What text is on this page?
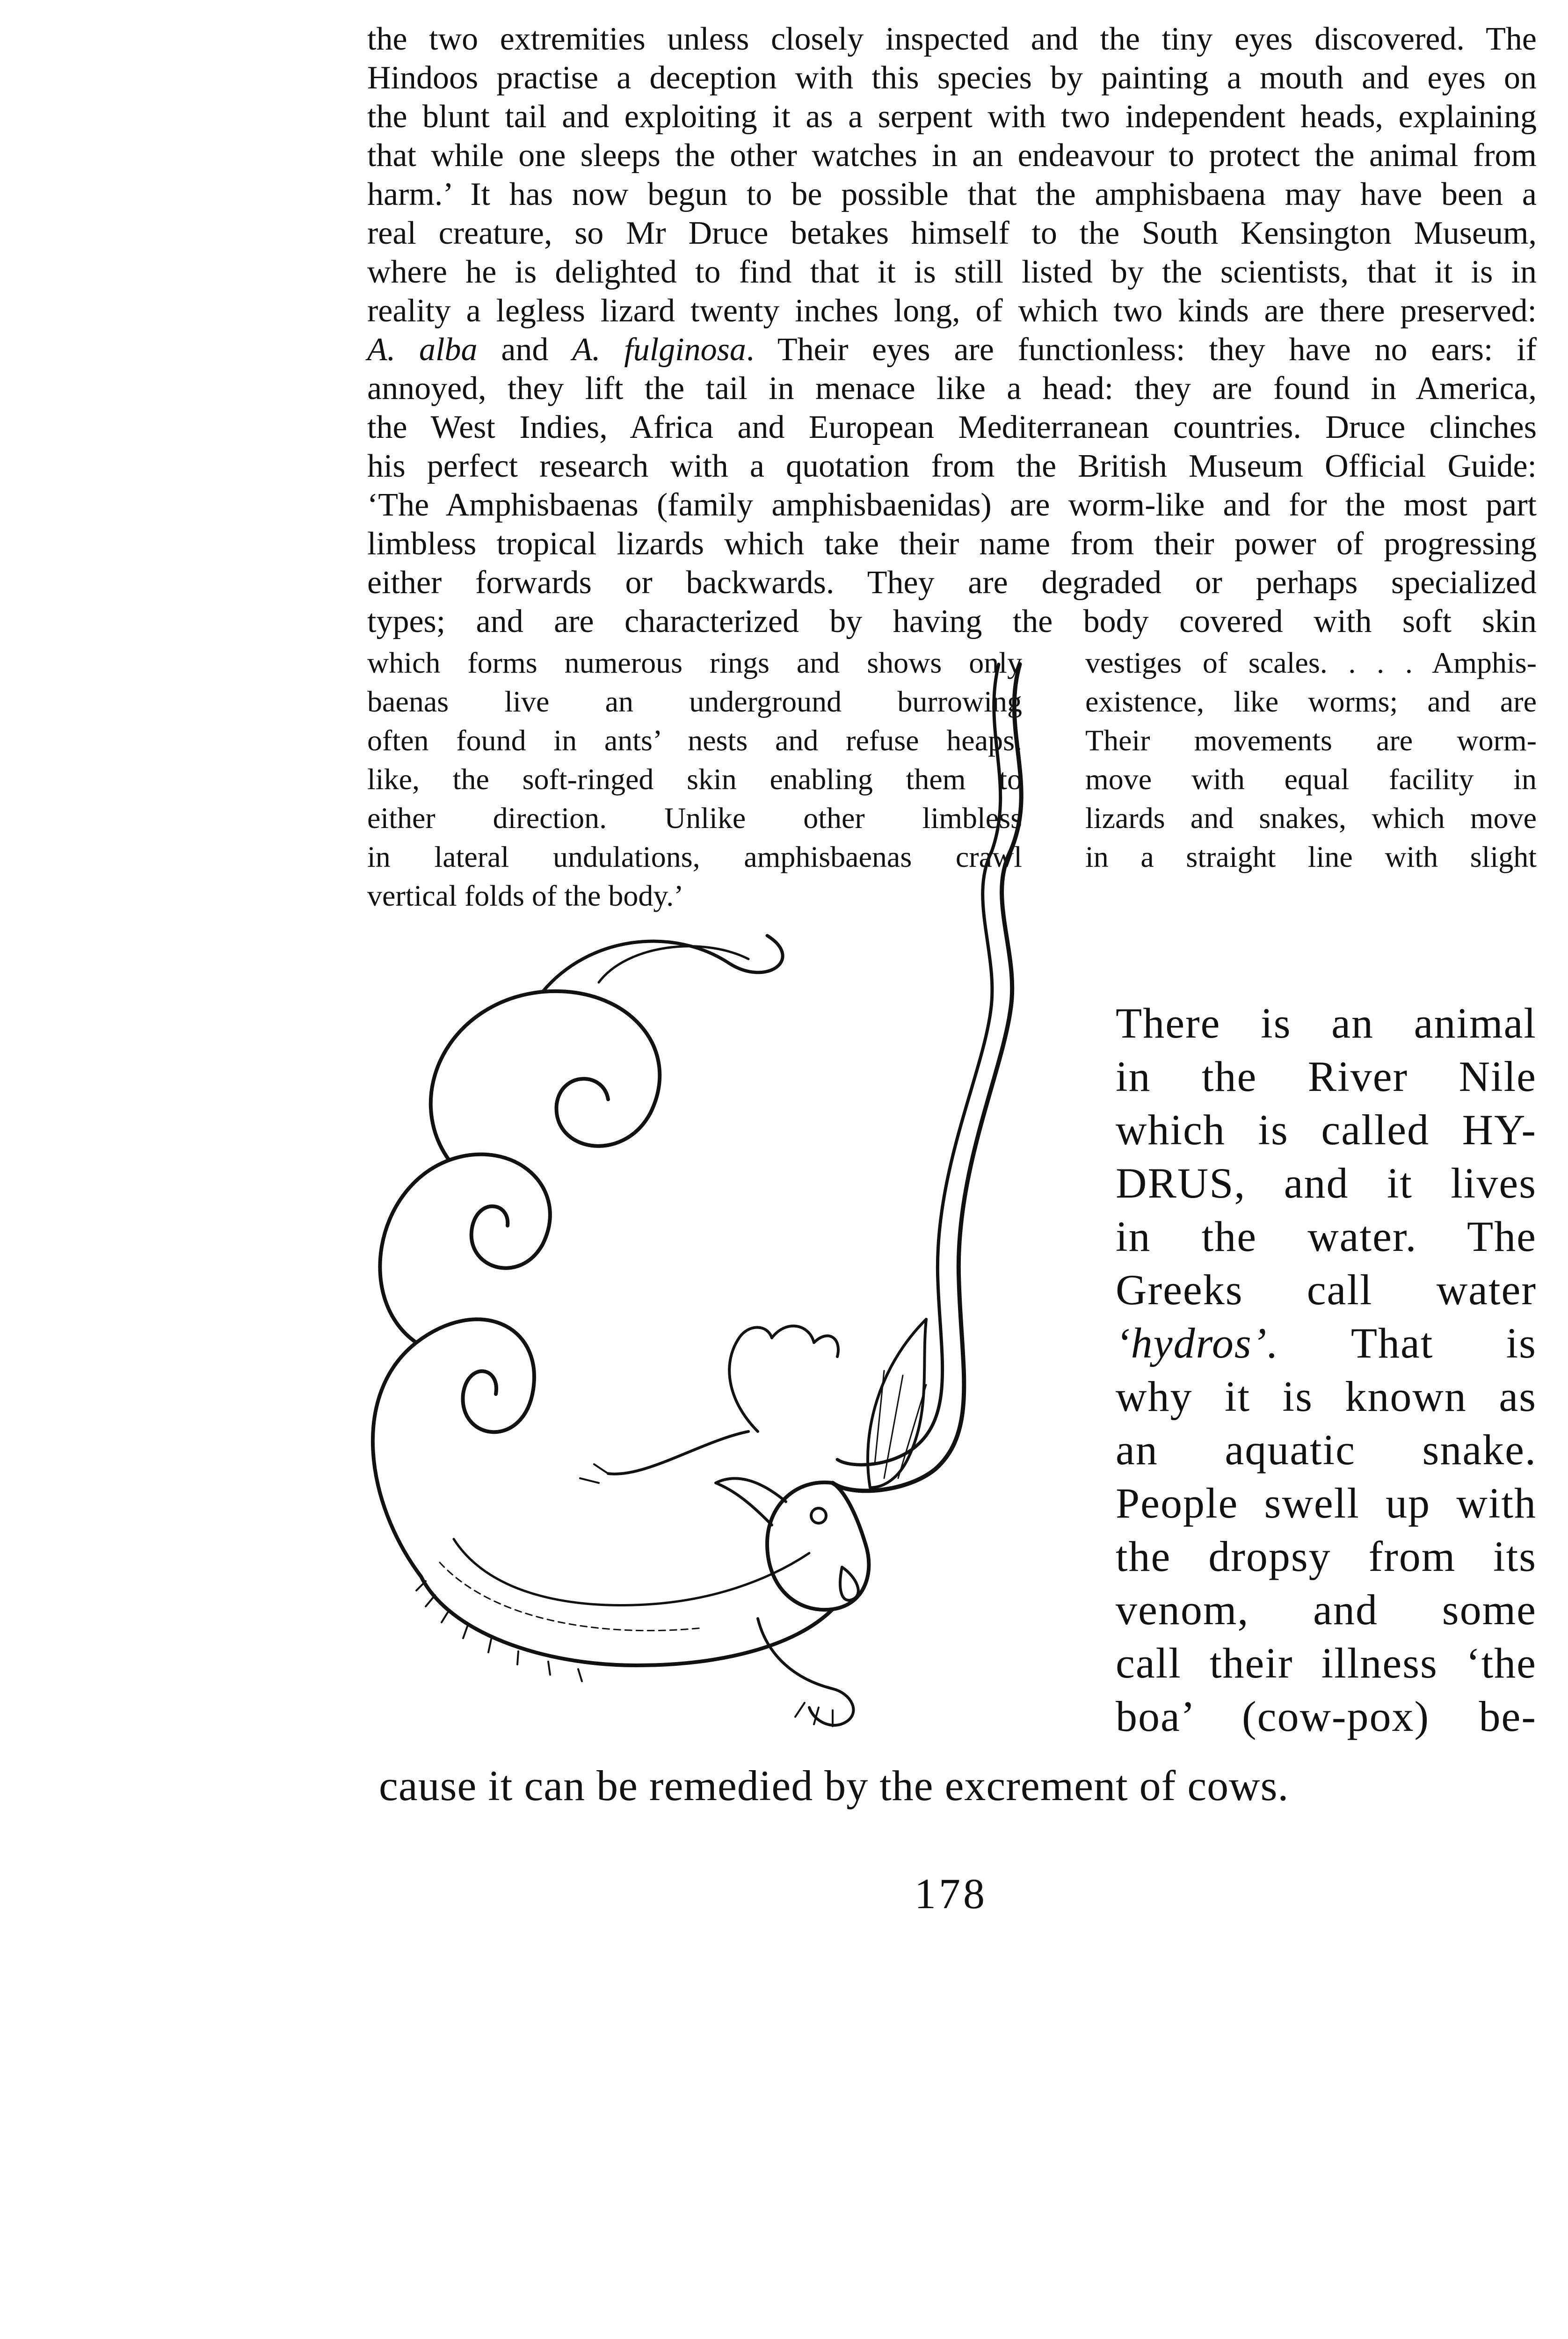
the two extremities unless closely inspected and the tiny eyes discovered. The
Hindoos practise a deception with this species by painting a mouth and eyes on
the blunt tail and exploiting it as a serpent with two independent heads, explaining
that while one sleeps the other watches in an endeavour to protect the animal from
harm.’ It has now begun to be possible that the amphisbaena may have been a
real creature, so Mr Druce betakes himself to the South Kensington Museum,
where he is delighted to find that it is still listed by the scientists, that it is in
reality a legless lizard twenty inches long, of which two kinds are there preserved:
A. alba and A. fulginosa. Their eyes are functionless: they have no ears: if
annoyed, they lift the tail in menace like a head: they are found in America,
the West Indies, Africa and European Mediterranean countries. Druce clinches
his perfect research with a quotation from the British Museum Official Guide:
‘The Amphisbaenas (family amphisbaenidas) are worm-like and for the most part
limbless tropical lizards which take their name from their power of progressing
either forwards or backwards. They are degraded or perhaps specialized
types; and are characterized by having the body covered with soft skin
which forms numerous rings and shows only
baenas live an underground burrowing
often found in ants’ nests and refuse heaps.
like, the soft-ringed skin enabling them to
either direction. Unlike other limbless
in lateral undulations, amphisbaenas crawl
vertical folds of the body.’
vestiges of scales. . . . Amphis-
existence, like worms; and are
Their movements are worm-
move with equal facility in
lizards and snakes, which move
in a straight line with slight
There is an animal
in the River Nile
which is called HY-
DRUS, and it lives
in the water. The
Greeks call water
‘hydros’. That is
why it is known as
an aquatic snake.
People swell up with
the dropsy from its
venom, and some
call their illness ‘the
boa’ (cow-pox) be-
cause it can be remedied by the excrement of cows.
178
